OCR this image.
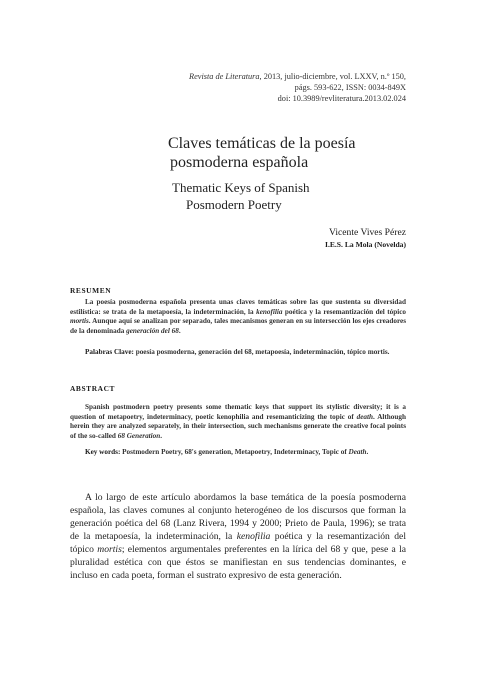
Revista de Literatura, 2013, julio-diciembre, vol. LXXV, n.º 150,
págs. 593-622, ISSN: 0034-849X
doi: 10.3989/revliteratura.2013.02.024
Claves temáticas de la poesía
posmoderna española
Thematic Keys of Spanish
Posmodern Poetry
Vicente Vives Pérez
I.E.S. La Mola (Novelda)
RESUMEN
La poesía posmoderna española presenta unas claves temáticas sobre las que sustenta su diversidad estilística: se trata de la metapoesía, la indeterminación, la kenofilia poética y la resemantización del tópico mortis. Aunque aquí se analizan por separado, tales mecanismos generan en su intersección los ejes creadores de la denominada generación del 68.
Palabras Clave: poesía posmoderna, generación del 68, metapoesía, indeterminación, tópico mortis.
ABSTRACT
Spanish postmodern poetry presents some thematic keys that support its stylistic diversity; it is a question of metapoetry, indeterminacy, poetic kenophilia and resemanticizing the topic of death. Although herein they are analyzed separately, in their intersection, such mechanisms generate the creative focal points of the so-called 68 Generation.
Key words: Postmodern Poetry, 68's generation, Metapoetry, Indeterminacy, Topic of Death.
A lo largo de este artículo abordamos la base temática de la poesía posmoderna española, las claves comunes al conjunto heterogéneo de los discursos que forman la generación poética del 68 (Lanz Rivera, 1994 y 2000; Prieto de Paula, 1996); se trata de la metapoesía, la indeterminación, la kenofilia poética y la resemantización del tópico mortis; elementos argumentales preferentes en la lírica del 68 y que, pese a la pluralidad estética con que éstos se manifiestan en sus tendencias dominantes, e incluso en cada poeta, forman el sustrato expresivo de esta generación.
